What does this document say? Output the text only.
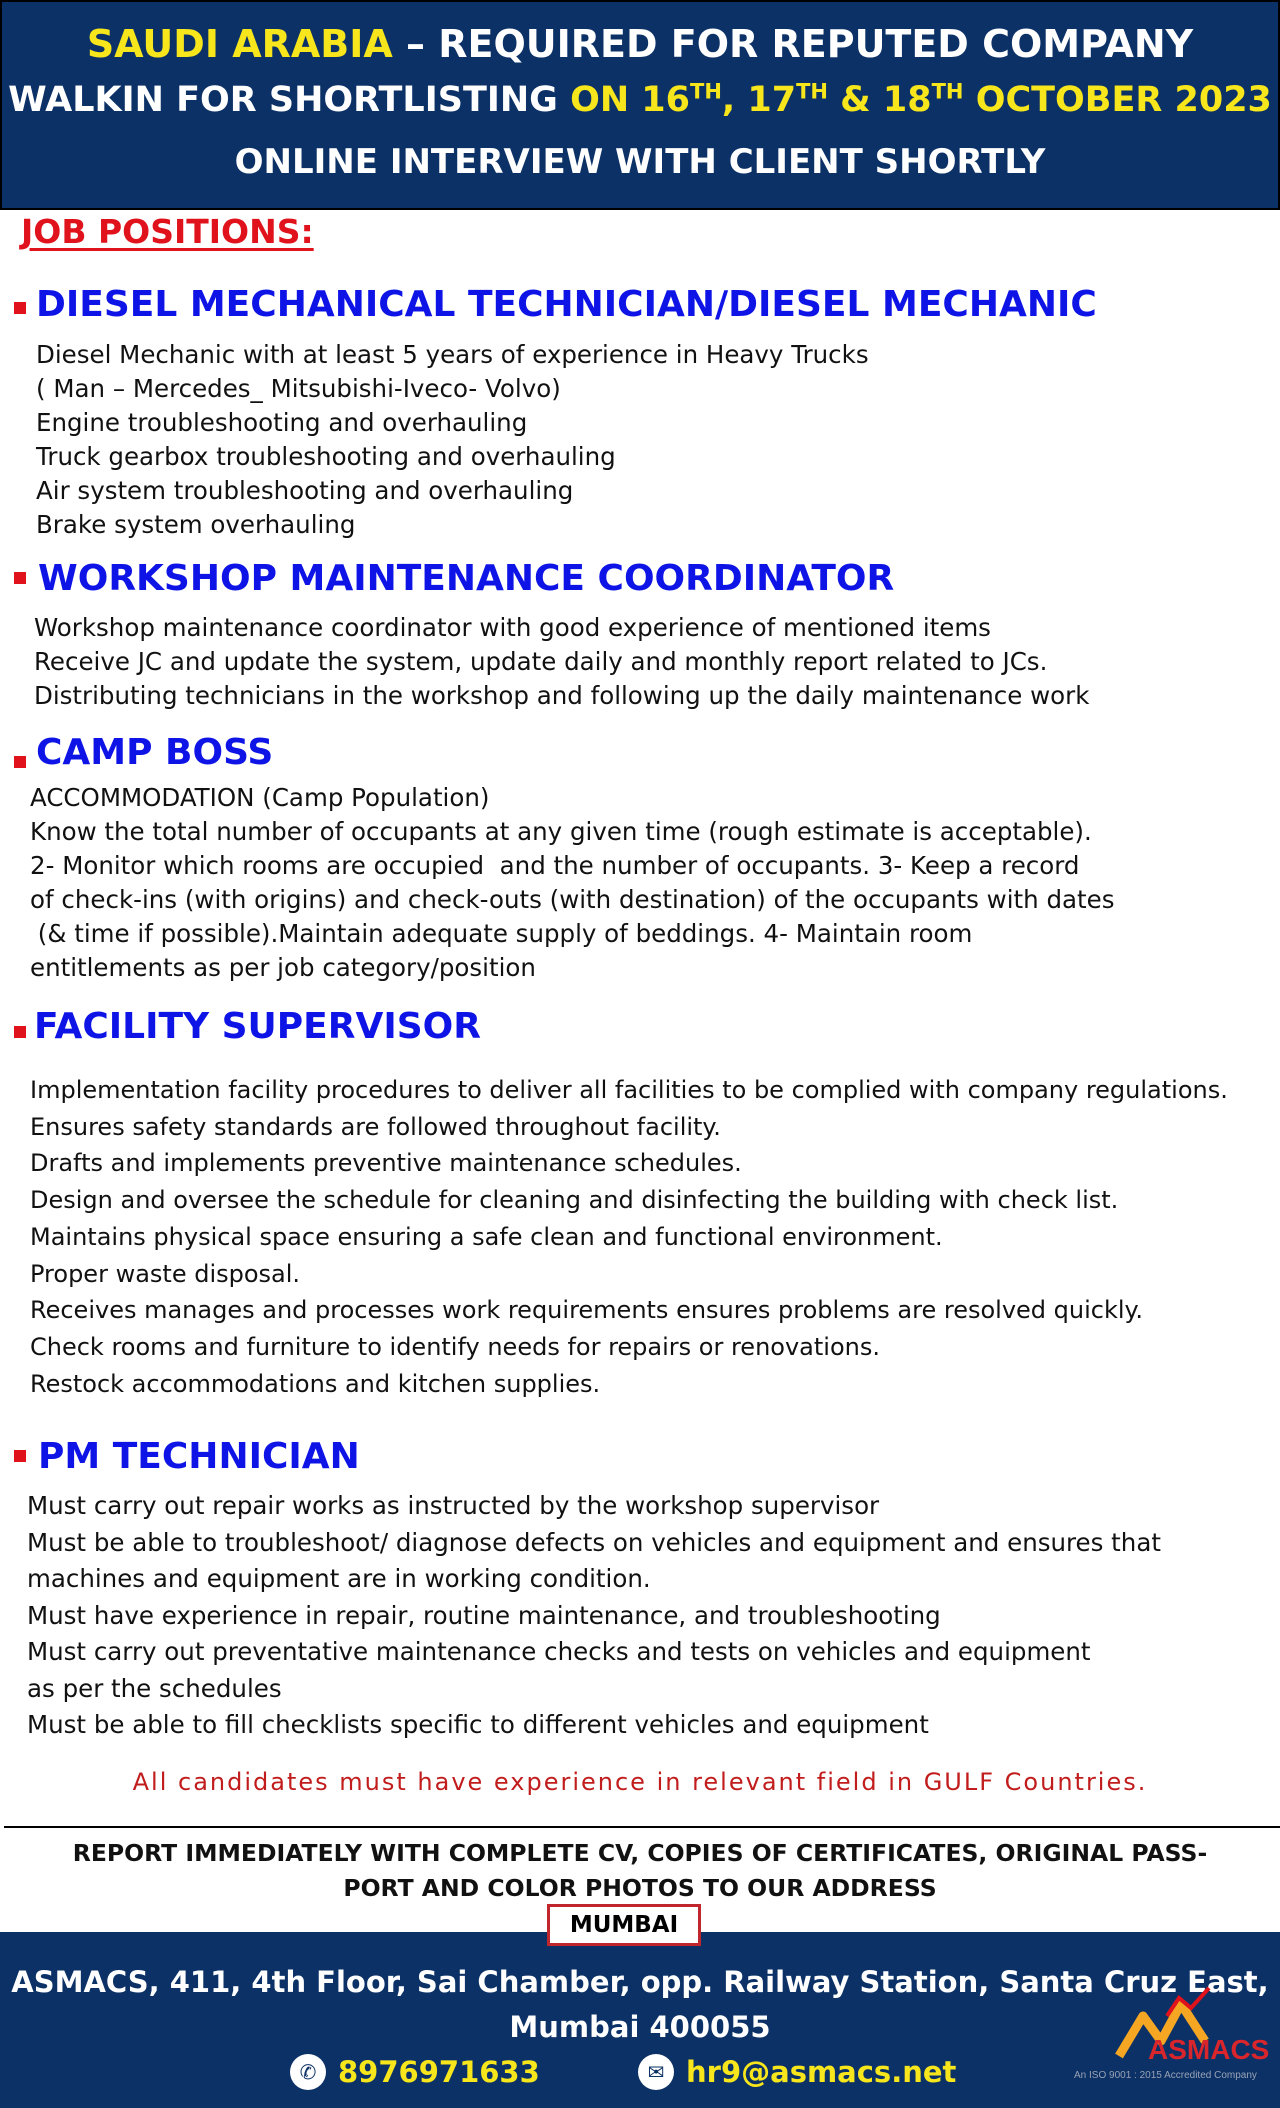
SAUDI ARABIA – REQUIRED FOR REPUTED COMPANY
WALKIN FOR SHORTLISTING ON 16TH, 17TH & 18TH OCTOBER 2023
ONLINE INTERVIEW WITH CLIENT SHORTLY
JOB POSITIONS:
DIESEL MECHANICAL TECHNICIAN/DIESEL MECHANIC
Diesel Mechanic with at least 5 years of experience in Heavy Trucks
( Man – Mercedes_ Mitsubishi-Iveco- Volvo)
Engine troubleshooting and overhauling
Truck gearbox troubleshooting and overhauling
Air system troubleshooting and overhauling
Brake system overhauling
WORKSHOP MAINTENANCE COORDINATOR
Workshop maintenance coordinator with good experience of mentioned items
Receive JC and update the system, update daily and monthly report related to JCs.
Distributing technicians in the workshop and following up the daily maintenance work
CAMP BOSS
ACCOMMODATION (Camp Population)
Know the total number of occupants at any given time (rough estimate is acceptable).
2- Monitor which rooms are occupied  and the number of occupants. 3- Keep a record
of check-ins (with origins) and check-outs (with destination) of the occupants with dates
(& time if possible).Maintain adequate supply of beddings. 4- Maintain room
entitlements as per job category/position
FACILITY SUPERVISOR
Implementation facility procedures to deliver all facilities to be complied with company regulations.
Ensures safety standards are followed throughout facility.
Drafts and implements preventive maintenance schedules.
Design and oversee the schedule for cleaning and disinfecting the building with check list.
Maintains physical space ensuring a safe clean and functional environment.
Proper waste disposal.
Receives manages and processes work requirements ensures problems are resolved quickly.
Check rooms and furniture to identify needs for repairs or renovations.
Restock accommodations and kitchen supplies.
PM TECHNICIAN
Must carry out repair works as instructed by the workshop supervisor
Must be able to troubleshoot/ diagnose defects on vehicles and equipment and ensures that
machines and equipment are in working condition.
Must have experience in repair, routine maintenance, and troubleshooting
Must carry out preventative maintenance checks and tests on vehicles and equipment
as per the schedules
Must be able to fill checklists specific to different vehicles and equipment
All candidates must have experience in relevant field in GULF Countries.
REPORT IMMEDIATELY WITH COMPLETE CV, COPIES OF CERTIFICATES, ORIGINAL PASS-
PORT AND COLOR PHOTOS TO OUR ADDRESS
ASMACS, 411, 4th Floor, Sai Chamber, opp. Railway Station, Santa Cruz East,
Mumbai 400055
✆ 8976971633	✉ hr9@asmacs.net
ASMACS
An ISO 9001 : 2015 Accredited Company
MUMBAI
